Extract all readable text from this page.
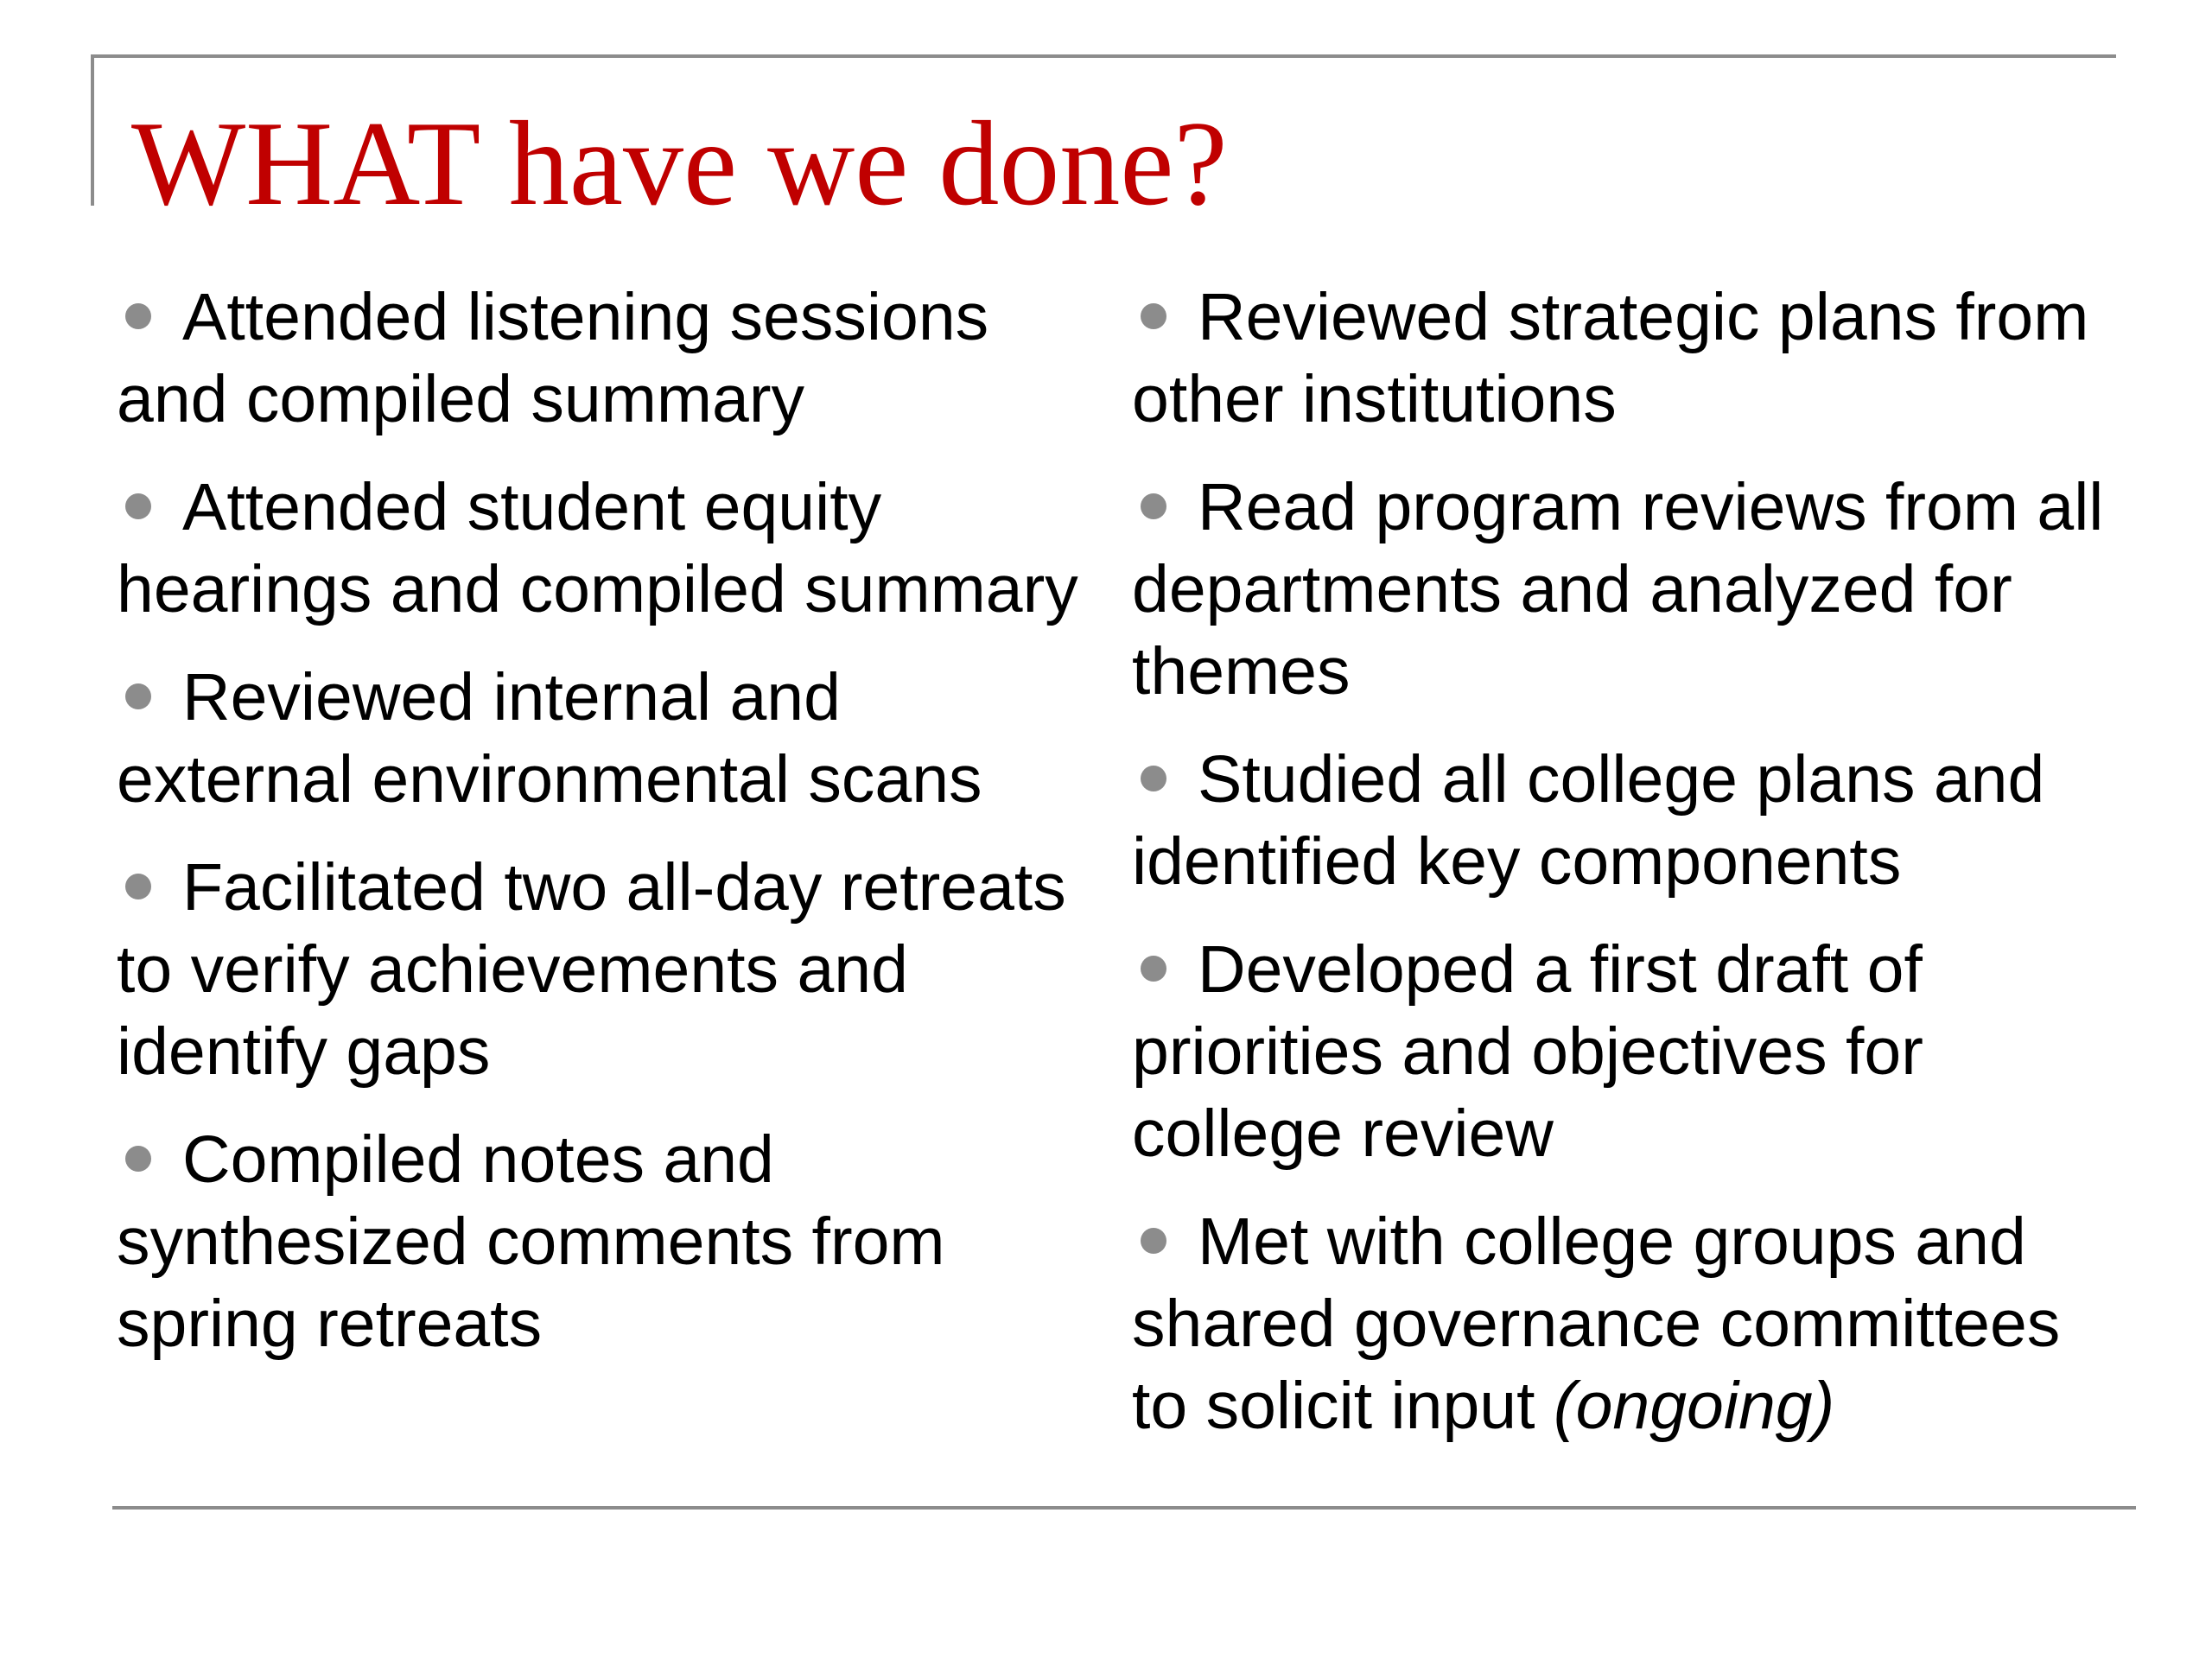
WHAT have we done?
Attended listening sessions and compiled summary
Attended student equity hearings and compiled summary
Reviewed internal and external environmental scans
Facilitated two all-day retreats to verify achievements and identify gaps
Compiled notes and synthesized comments from spring retreats
Reviewed strategic plans from other institutions
Read program reviews from all departments and analyzed for themes
Studied all college plans and identified key components
Developed a first draft of priorities and objectives for college review
Met with college groups and shared governance committees to solicit input (ongoing)
